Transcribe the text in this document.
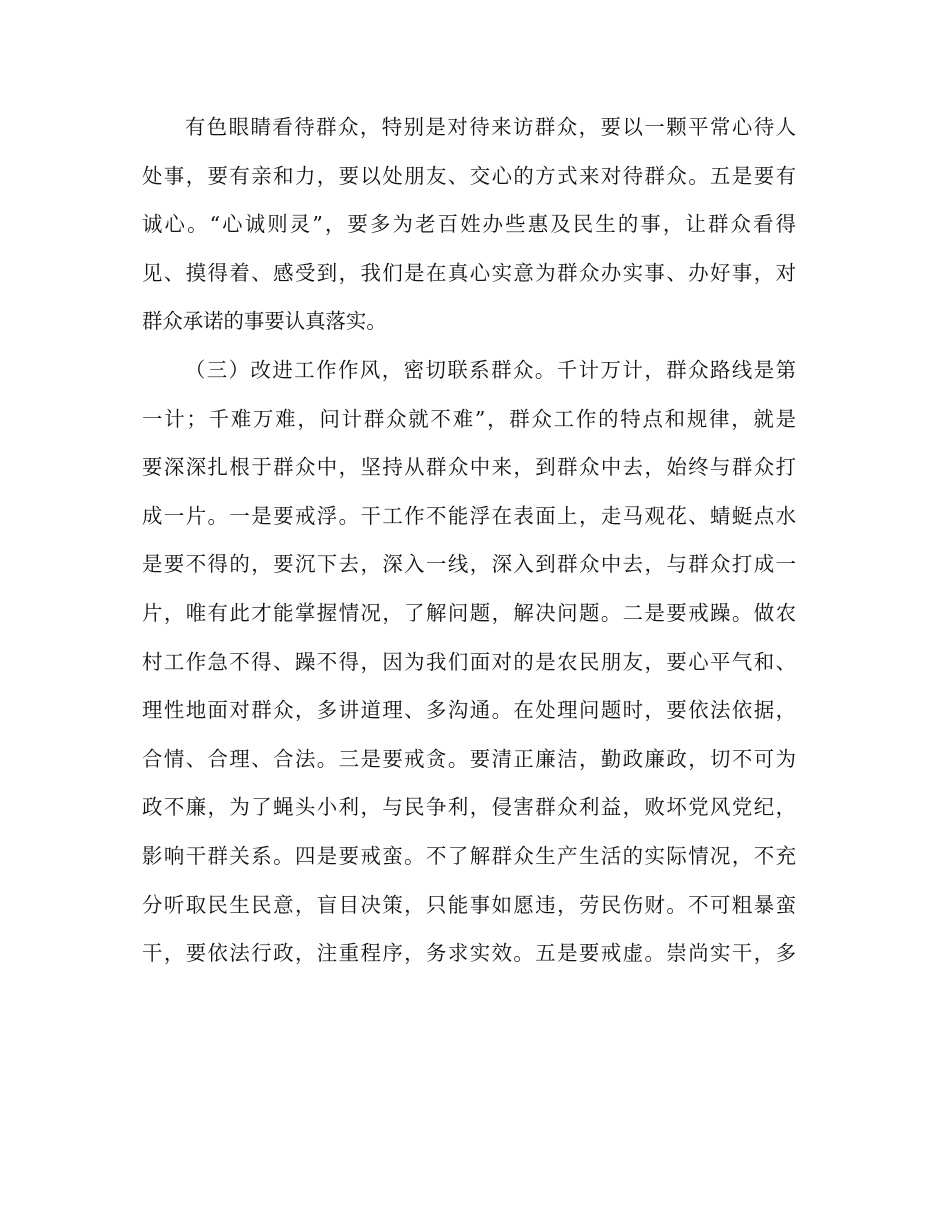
有色眼睛看待群众，特别是对待来访群众，要以一颗平常心待人
处事，要有亲和力，要以处朋友、交心的方式来对待群众。五是要有
诚心。“心诚则灵”，要多为老百姓办些惠及民生的事，让群众看得
见、摸得着、感受到，我们是在真心实意为群众办实事、办好事，对
群众承诺的事要认真落实。
（三）改进工作作风，密切联系群众。千计万计，群众路线是第
一计；千难万难，问计群众就不难”，群众工作的特点和规律，就是
要深深扎根于群众中，坚持从群众中来，到群众中去，始终与群众打
成一片。一是要戒浮。干工作不能浮在表面上，走马观花、蜻蜓点水
是要不得的，要沉下去，深入一线，深入到群众中去，与群众打成一
片，唯有此才能掌握情况，了解问题，解决问题。二是要戒躁。做农
村工作急不得、躁不得，因为我们面对的是农民朋友，要心平气和、
理性地面对群众，多讲道理、多沟通。在处理问题时，要依法依据，
合情、合理、合法。三是要戒贪。要清正廉洁，勤政廉政，切不可为
政不廉，为了蝇头小利，与民争利，侵害群众利益，败坏党风党纪，
影响干群关系。四是要戒蛮。不了解群众生产生活的实际情况，不充
分听取民生民意，盲目决策，只能事如愿违，劳民伤财。不可粗暴蛮
干，要依法行政，注重程序，务求实效。五是要戒虚。崇尚实干，多
